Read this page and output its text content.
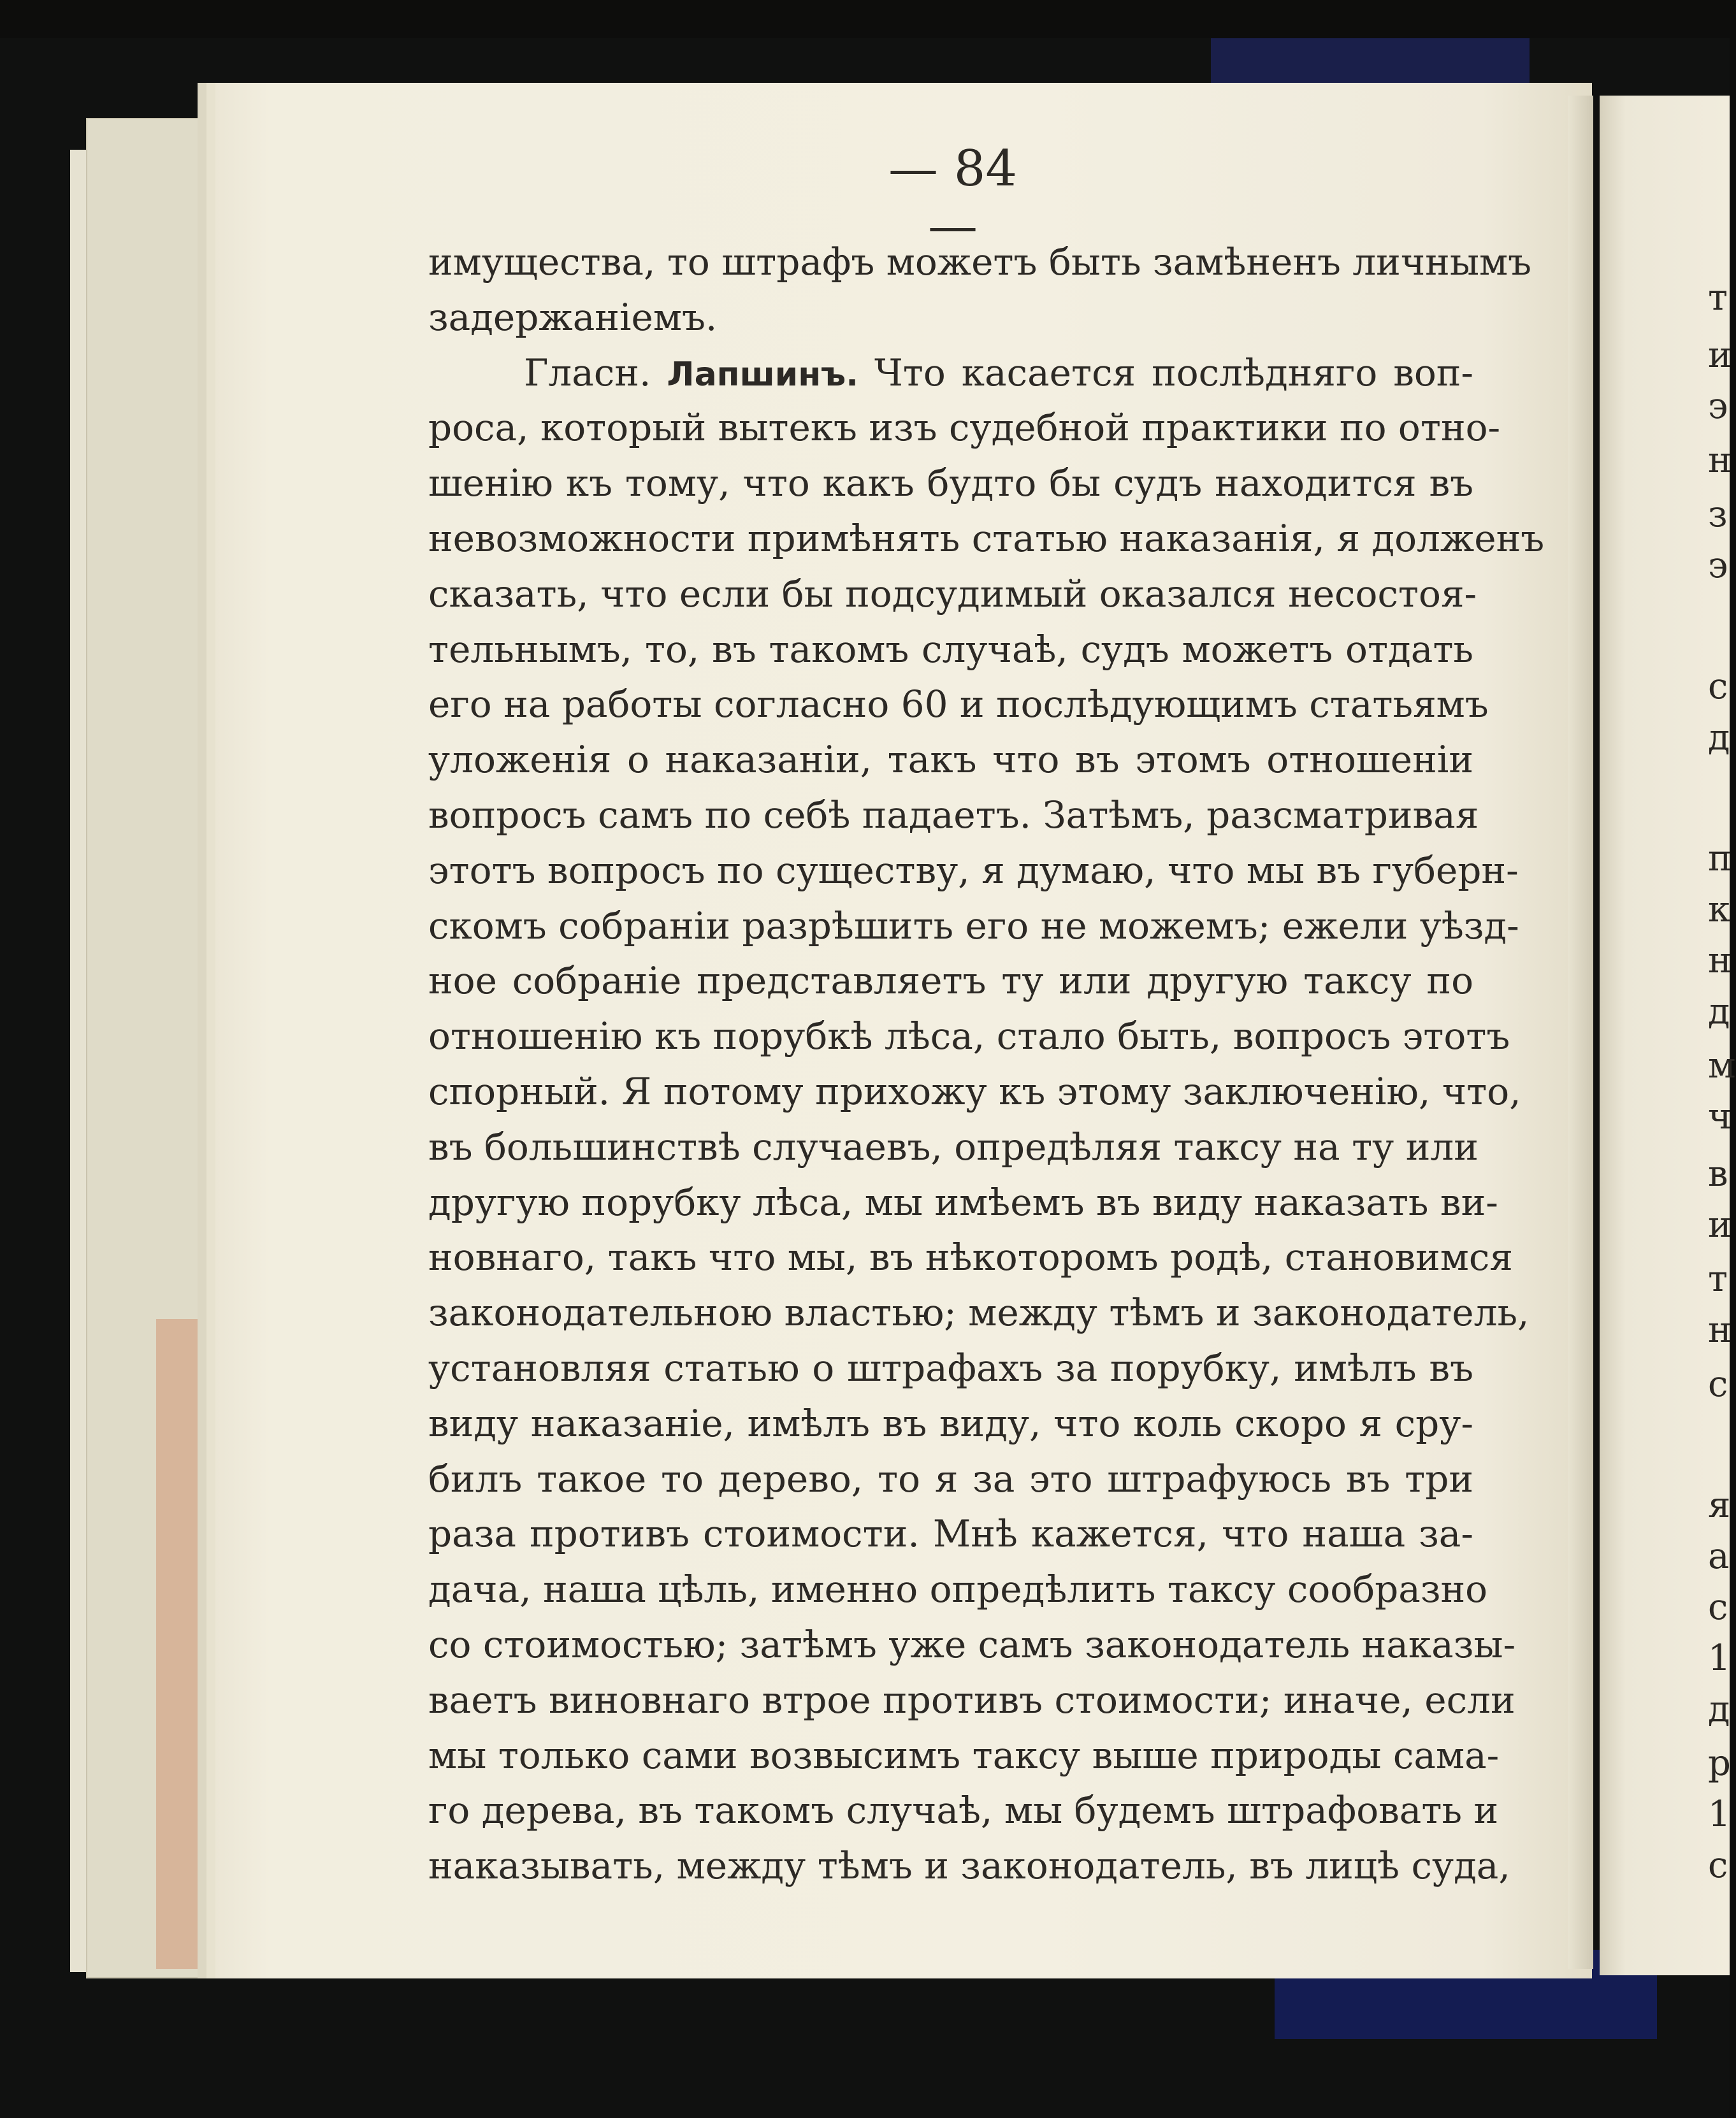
т
и
э
н
з
э
с
д
п
к
н
д
м
ч
в
и
т
н
с
я
а
с
1
д
р
1
с
— 84 —
имущества, то штрафъ можетъ быть замѣненъ личнымъ
задержаніемъ.
Гласн. Лапшинъ. Что касается послѣдняго воп-
роса, который вытекъ изъ судебной практики по отно-
шенію къ тому, что какъ будто бы судъ находится въ
невозможности примѣнять статью наказанія, я долженъ
сказать, что если бы подсудимый оказался несостоя-
тельнымъ, то, въ такомъ случаѣ, судъ можетъ отдать
его на работы согласно 60 и послѣдующимъ статьямъ
уложенія о наказаніи, такъ что въ этомъ отношеніи
вопросъ самъ по себѣ падаетъ. Затѣмъ, разсматривая
этотъ вопросъ по существу, я думаю, что мы въ губерн-
скомъ собраніи разрѣшить его не можемъ; ежели уѣзд-
ное собраніе представляетъ ту или другую таксу по
отношенію къ порубкѣ лѣса, стало быть, вопросъ этотъ
спорный. Я потому прихожу къ этому заключенію, что,
въ большинствѣ случаевъ, опредѣляя таксу на ту или
другую порубку лѣса, мы имѣемъ въ виду наказать ви-
новнаго, такъ что мы, въ нѣкоторомъ родѣ, становимся
законодательною властью; между тѣмъ и законодатель,
установляя статью о штрафахъ за порубку, имѣлъ въ
виду наказаніе, имѣлъ въ виду, что коль скоро я сру-
билъ такое то дерево, то я за это штрафуюсь въ три
раза противъ стоимости. Мнѣ кажется, что наша за-
дача, наша цѣль, именно опредѣлить таксу сообразно
со стоимостью; затѣмъ уже самъ законодатель наказы-
ваетъ виновнаго втрое противъ стоимости; иначе, если
мы только сами возвысимъ таксу выше природы сама-
го дерева, въ такомъ случаѣ, мы будемъ штрафовать и
наказывать, между тѣмъ и законодатель, въ лицѣ суда,
